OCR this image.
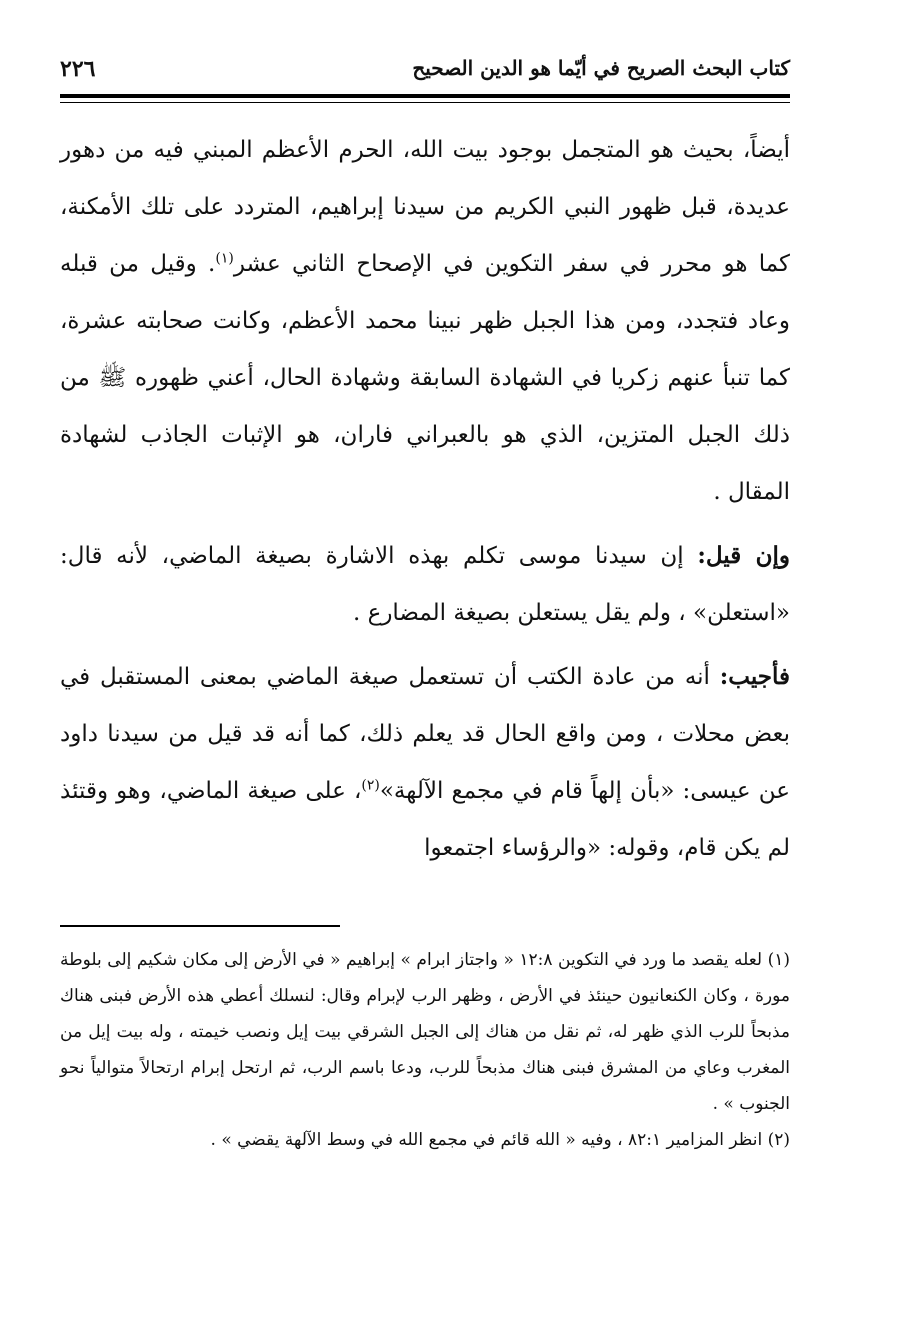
كتاب البحث الصريح في أيّما هو الدين الصحيح
٢٢٦

أيضاً، بحيث هو المتجمل بوجود بيت الله، الحرم الأعظم المبني فيه من دهور عديدة، قبل ظهور النبي الكريم من سيدنا إبراهيم، المتردد على تلك الأمكنة، كما هو محرر في سفر التكوين في الإصحاح الثاني عشر$^{(١)}$. وقيل من قبله وعاد فتجدد، ومن هذا الجبل ظهر نبينا محمد الأعظم، وكانت صحابته عشرة، كما تنبأ عنهم زكريا في الشهادة السابقة وشهادة الحال، أعني ظهوره ﷺ من ذلك الجبل المتزين، الذي هو بالعبراني فاران، هو الإثبات الجاذب لشهادة المقال .

وإن قيل: إن سيدنا موسى تكلم بهذه الاشارة بصيغة الماضي، لأنه قال: «استعلن» ، ولم يقل يستعلن بصيغة المضارع .

فأجيب: أنه من عادة الكتب أن تستعمل صيغة الماضي بمعنى المستقبل في بعض محلات ، ومن واقع الحال قد يعلم ذلك، كما أنه قد قيل من سيدنا داود عن عيسى: «بأن إلهاً قام في مجمع الآلهة»$^{(٢)}$، على صيغة الماضي، وهو وقتئذ لم يكن قام، وقوله: «والرؤساء اجتمعوا

(١) لعله يقصد ما ورد في التكوين ١٢:٨ « واجتاز ابرام » إبراهيم « في الأرض إلى مكان شكيم إلى بلوطة مورة ، وكان الكنعانيون حينئذ في الأرض ، وظهر الرب لإبرام وقال: لنسلك أعطي هذه الأرض فبنى هناك مذبحاً للرب الذي ظهر له، ثم نقل من هناك إلى الجبل الشرقي بيت إيل ونصب خيمته ، وله بيت إيل من المغرب وعاي من المشرق فبنى هناك مذبحاً للرب، ودعا باسم الرب، ثم ارتحل إبرام ارتحالاً متوالياً نحو الجنوب » .

(٢) انظر المزامير ٨٢:١ ، وفيه « الله قائم في مجمع الله في وسط الآلهة يقضي » .
